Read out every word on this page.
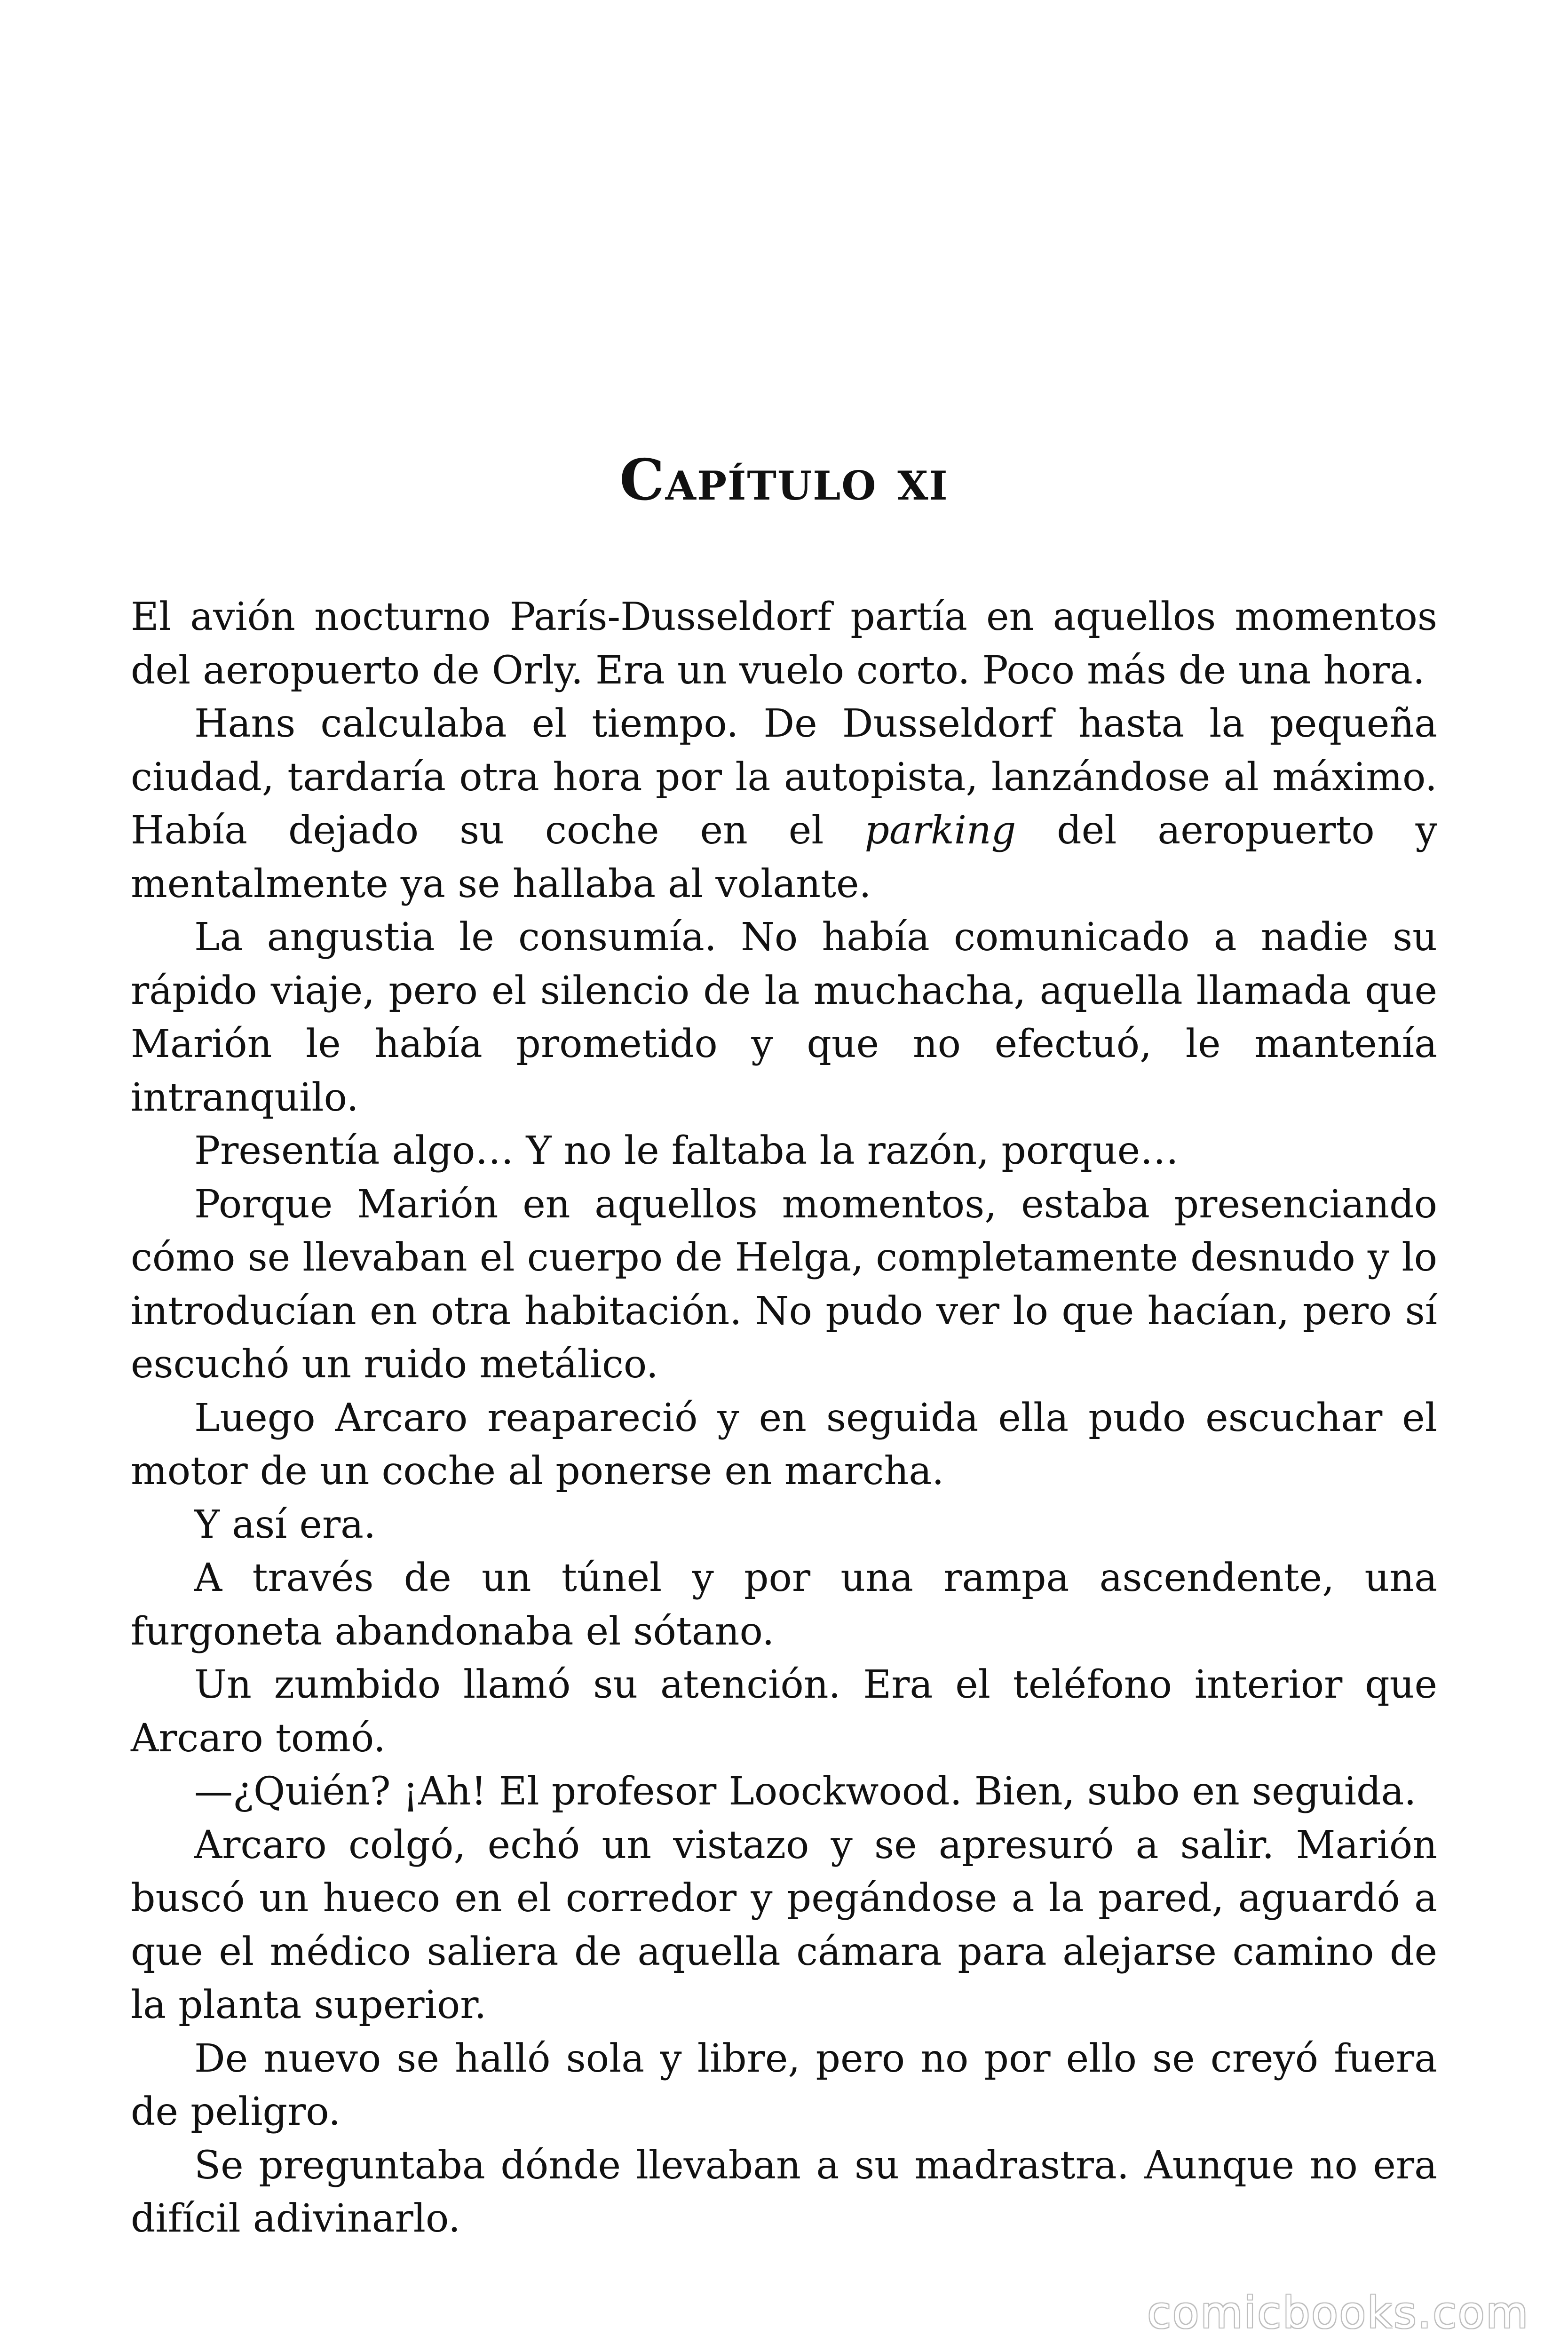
Capítulo xi

El avión nocturno París-Dusseldorf partía en aquellos momentos del aeropuerto de Orly. Era un vuelo corto. Poco más de una hora.

Hans calculaba el tiempo. De Dusseldorf hasta la pequeña ciudad, tardaría otra hora por la autopista, lanzándose al máximo. Había dejado su coche en el parking del aeropuerto y mentalmente ya se hallaba al volante.

La angustia le consumía. No había comunicado a nadie su rápido viaje, pero el silencio de la muchacha, aquella llamada que Marión le había prometido y que no efectuó, le mantenía intranquilo.

Presentía algo… Y no le faltaba la razón, porque…

Porque Marión en aquellos momentos, estaba presenciando cómo se llevaban el cuerpo de Helga, completamente desnudo y lo introducían en otra habitación. No pudo ver lo que hacían, pero sí escuchó un ruido metálico.

Luego Arcaro reapareció y en seguida ella pudo escuchar el motor de un coche al ponerse en marcha.

Y así era.

A través de un túnel y por una rampa ascendente, una furgoneta abandonaba el sótano.

Un zumbido llamó su atención. Era el teléfono interior que Arcaro tomó.

—¿Quién? ¡Ah! El profesor Loockwood. Bien, subo en seguida.

Arcaro colgó, echó un vistazo y se apresuró a salir. Marión buscó un hueco en el corredor y pegándose a la pared, aguardó a que el médico saliera de aquella cámara para alejarse camino de la planta superior.

De nuevo se halló sola y libre, pero no por ello se creyó fuera de peligro.

Se preguntaba dónde llevaban a su madrastra. Aunque no era difícil adivinarlo.

comicbooks.com
